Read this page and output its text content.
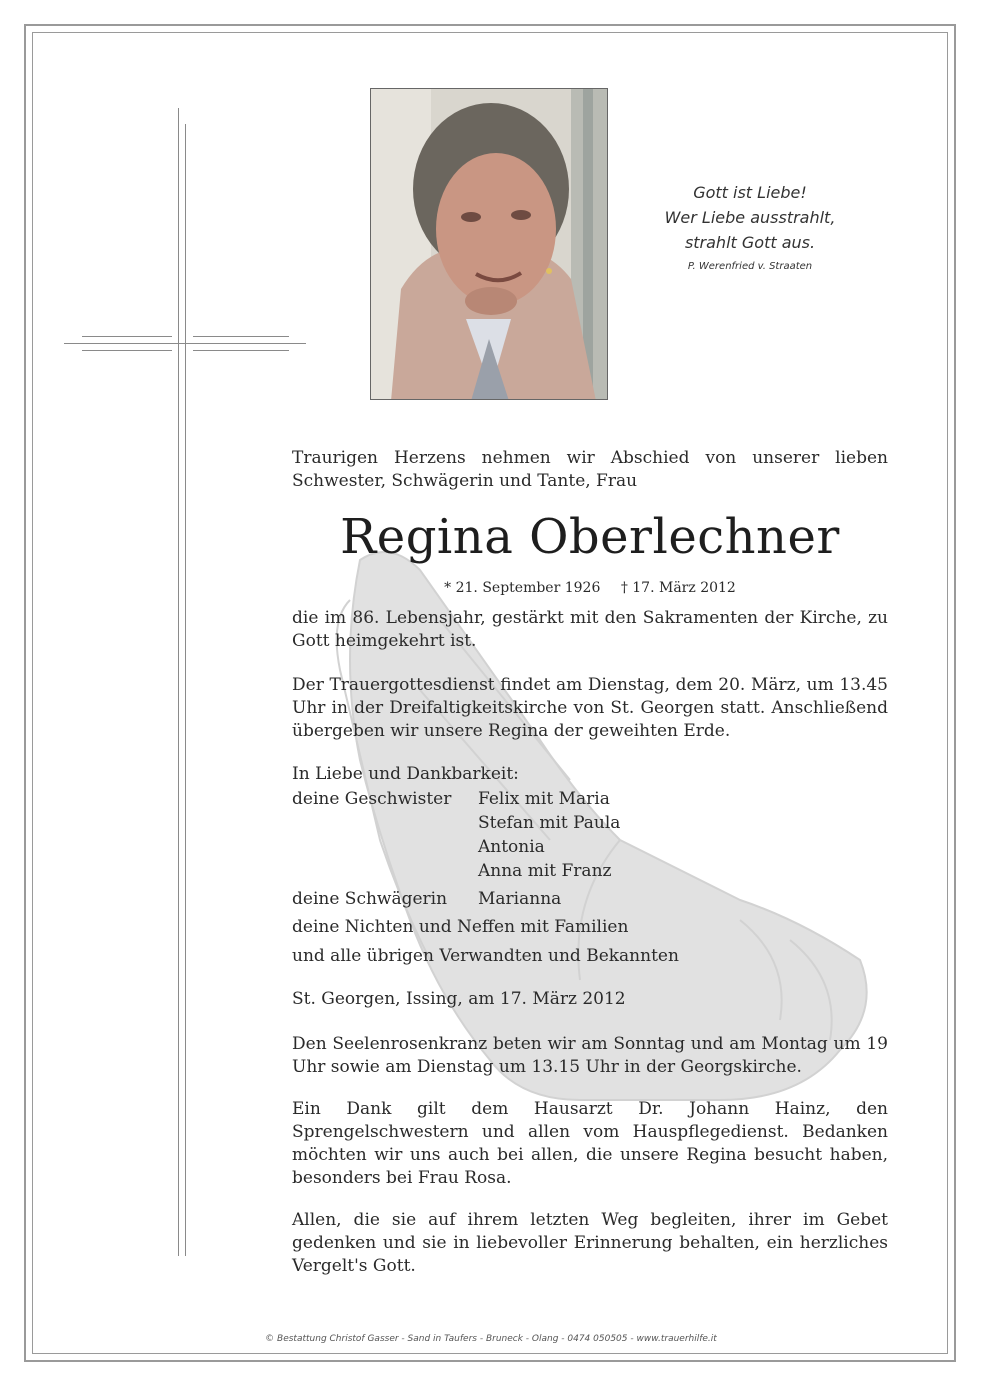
Gott ist Liebe!
Wer Liebe ausstrahlt,
strahlt Gott aus.
P. Werenfried v. Straaten
Traurigen Herzens nehmen wir Abschied von unserer lieben Schwester, Schwägerin und Tante, Frau
Regina Oberlechner
* 21. September 1926 † 17. März 2012
die im 86. Lebensjahr, gestärkt mit den Sakramenten der Kirche, zu Gott heimgekehrt ist.
Der Trauergottesdienst findet am Dienstag, dem 20. März, um 13.45 Uhr in der Dreifaltigkeitskirche von St. Georgen statt. Anschließend übergeben wir unsere Regina der geweihten Erde.
In Liebe und Dankbarkeit:
deine Geschwister Felix mit Maria
Stefan mit Paula
Antonia
Anna mit Franz
deine Schwägerin Marianna
deine Nichten und Neffen mit Familien
und alle übrigen Verwandten und Bekannten
St. Georgen, Issing, am 17. März 2012
Den Seelenrosenkranz beten wir am Sonntag und am Montag um 19 Uhr sowie am Dienstag um 13.15 Uhr in der Georgskirche.
Ein Dank gilt dem Hausarzt Dr. Johann Hainz, den Sprengelschwestern und allen vom Hauspflegedienst. Bedanken möchten wir uns auch bei allen, die unsere Regina besucht haben, besonders bei Frau Rosa.
Allen, die sie auf ihrem letzten Weg begleiten, ihrer im Gebet gedenken und sie in liebevoller Erinnerung behalten, ein herzliches Vergelt's Gott.
© Bestattung Christof Gasser - Sand in Taufers - Bruneck - Olang - 0474 050505 - www.trauerhilfe.it
